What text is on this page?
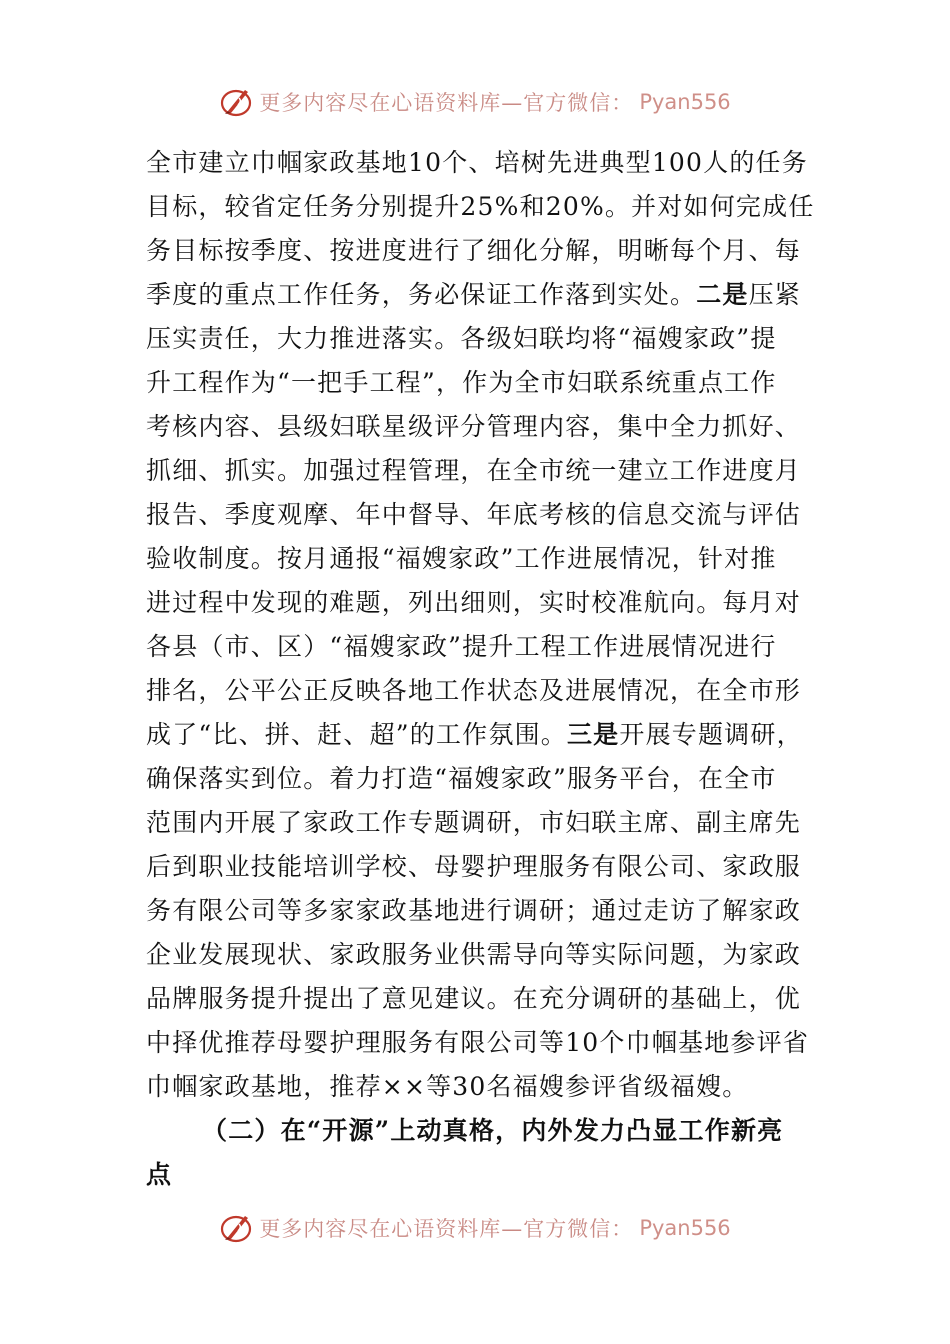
更多内容尽在心语资料库—官方微信： Pyan556
全市建立巾帼家政基地10个、培树先进典型100人的任务
目标，较省定任务分别提升25%和20%。并对如何完成任
务目标按季度、按进度进行了细化分解，明晰每个月、每
季度的重点工作任务，务必保证工作落到实处。二是压紧
压实责任，大力推进落实。各级妇联均将“福嫂家政”提
升工程作为“一把手工程”，作为全市妇联系统重点工作
考核内容、县级妇联星级评分管理内容，集中全力抓好、
抓细、抓实。加强过程管理，在全市统一建立工作进度月
报告、季度观摩、年中督导、年底考核的信息交流与评估
验收制度。按月通报“福嫂家政”工作进展情况，针对推
进过程中发现的难题，列出细则，实时校准航向。每月对
各县（市、区）“福嫂家政”提升工程工作进展情况进行
排名，公平公正反映各地工作状态及进展情况，在全市形
成了“比、拼、赶、超”的工作氛围。三是开展专题调研，
确保落实到位。着力打造“福嫂家政”服务平台，在全市
范围内开展了家政工作专题调研，市妇联主席、副主席先
后到职业技能培训学校、母婴护理服务有限公司、家政服
务有限公司等多家家政基地进行调研；通过走访了解家政
企业发展现状、家政服务业供需导向等实际问题，为家政
品牌服务提升提出了意见建议。在充分调研的基础上，优
中择优推荐母婴护理服务有限公司等10个巾帼基地参评省
巾帼家政基地，推荐××等30名福嫂参评省级福嫂。
（二）在“开源”上动真格，内外发力凸显工作新亮
点
更多内容尽在心语资料库—官方微信： Pyan556
